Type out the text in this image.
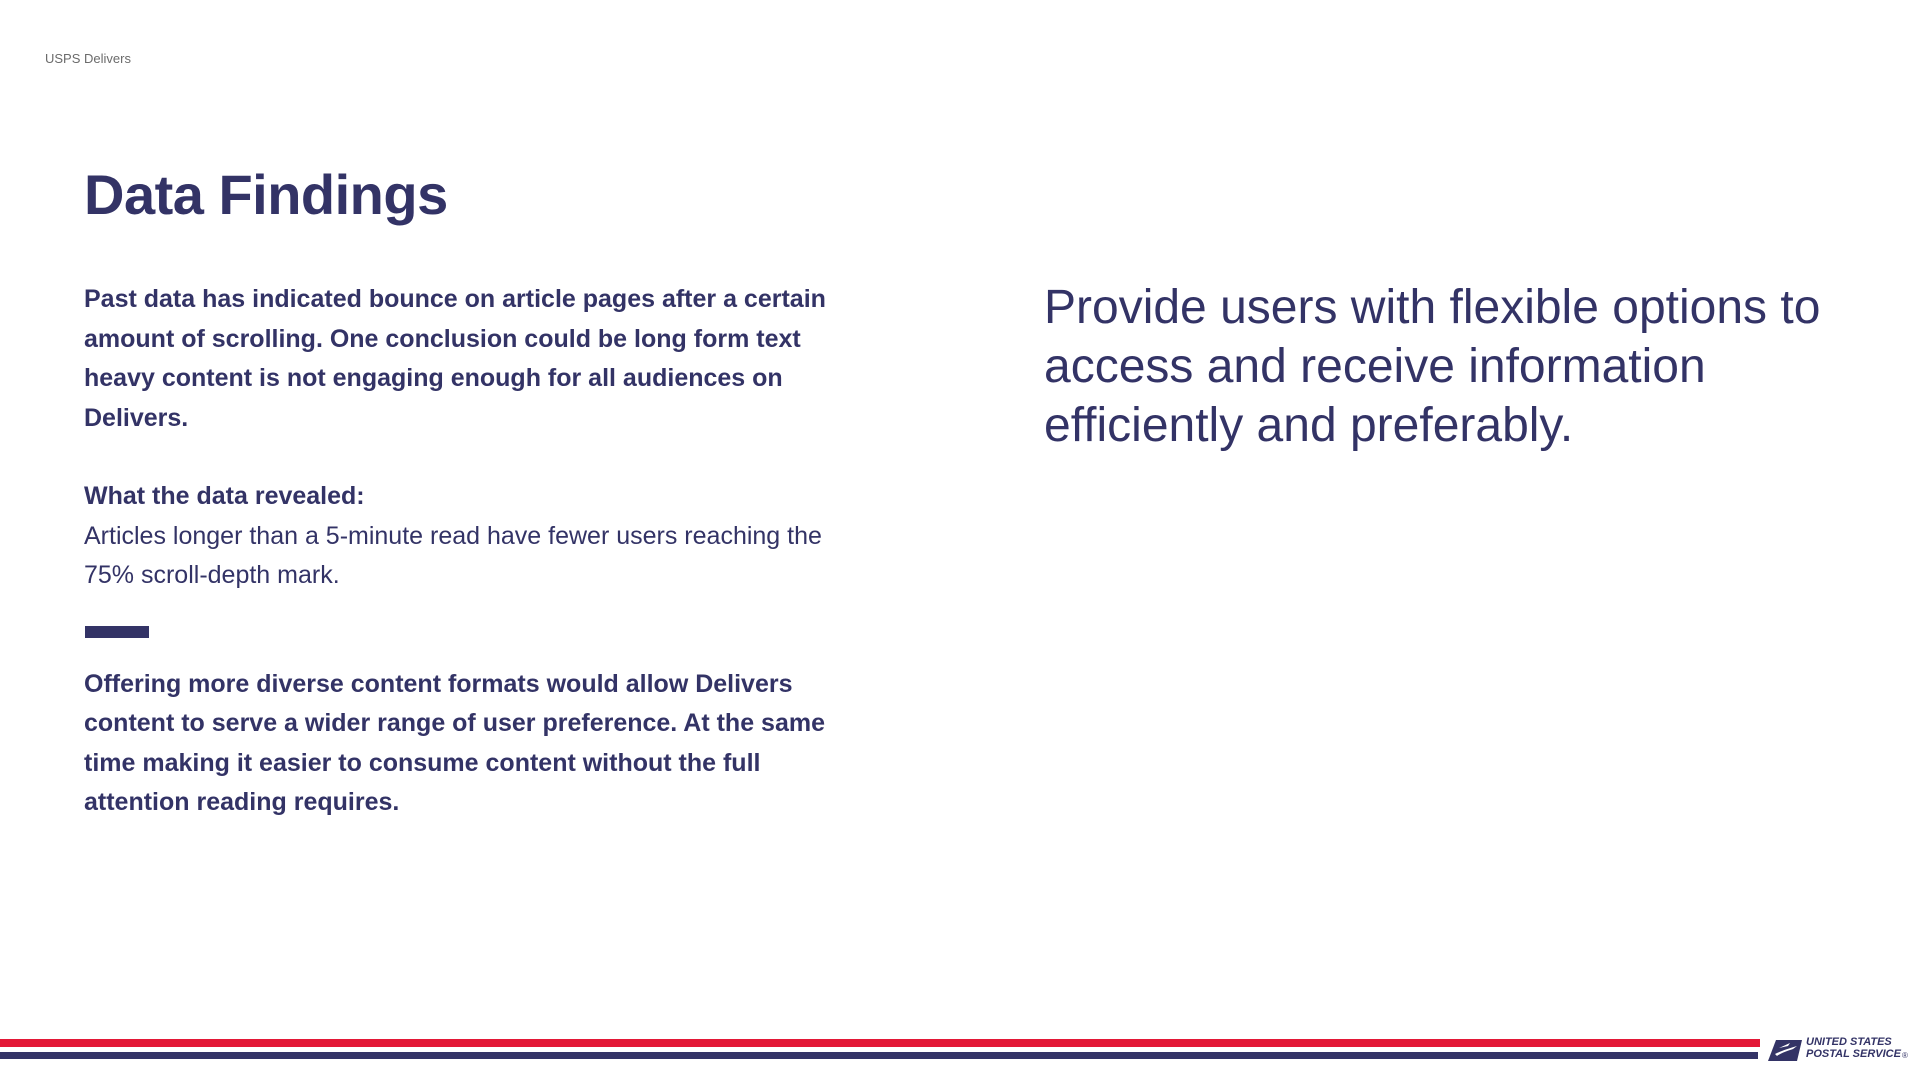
USPS Delivers
Data Findings

Past data has indicated bounce on article pages after a certain amount of scrolling. One conclusion could be long form text heavy content is not engaging enough for all audiences on Delivers.

What the data revealed:

Articles longer than a 5-minute read have fewer users reaching the 75% scroll-depth mark.

Offering more diverse content formats would allow Delivers content to serve a wider range of user preference. At the same time making it easier to consume content without the full attention reading requires.

Provide users with flexible options to access and receive information efficiently and preferably.

UNITED STATES
POSTAL SERVICE ®
